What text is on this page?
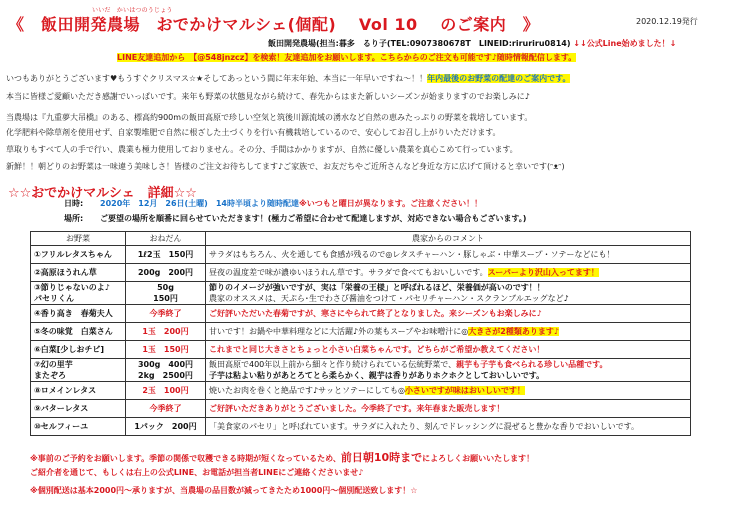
いいだ　かいはつのうじょう
《　飯田開発農場　おでかけマルシェ(個配)　 Vol 10　 のご案内　》	2020.12.19発行
飯田開発農場(担当:暮多　るり子(TEL:0907380678T　LINEID:riruriru0814) ↓↓公式Line始めました！↓
LINE友達追加から　【@548jnzcz】を検索！友達追加をお願いします。こちらからのご注文も可能です♪随時情報配信します。
いつもありがとうございます♥もうすぐクリスマス☆★そしてあっという間に年末年始、本当に一年早いですね〜！！年内最後のお野菜の配達のご案内です。
本当に皆様ご愛顧いただき感謝でいっぱいです。来年も野菜の状態見ながら続けて、春先からはまた新しいシーズンが始まりますのでお楽しみに♪
当農場は『九重夢大吊橋』のある、標高約900mの飯田高原で珍しい空気と筑後川源流域の湧水など自然の恵みたっぷりの野菜を栽培しています。
化学肥料や除草剤を使用せず、自家製堆肥で自然に根ざした土づくりを行い有機栽培しているので、安心してお召し上がりいただけます。
草取りもすべて人の手で行い、農業も極力使用しておりません。その分、手間はかかりますが、自然に優しい農業を真心こめて行っています。
新鮮！！朝どりのお野菜は一味違う美味しさ！皆様のご注文お待ちしてます♪ご家族で、お友だちやご近所さんなど身近な方に広げて頂けると幸いです(ᵔᴥᵔ)
☆☆おでかけマルシェ　詳細☆☆
日時: 2020年　12月　26日(土曜)　14時半頃より随時配達※いつもと曜日が異なります。ご注意ください！！
場所: ご要望の場所を順番に回らせていただきます！(極力ご希望に合わせて配達しますが、対応できない場合もございます。)
お野菜	おねだん	農家からのコメント
①フリルレタスちゃん	1ℓ2玉　150円	サラダはもちろん、火を通しても食感が残るので◎レタスチャーハン・豚しゃぶ・中華スープ・ソテーなどにも！
②高原ほうれん草	200g　200円	昼夜の温度差で味が濃ゆいほうれん草です。サラダで食べてもおいしいです。スーパーより沢山入ってます！

③節りじゃないのよ♪
パセリくん	50g
150円	節りのイメージが強いですが、実は「栄養の王様」と呼ばれるほど、栄養価が高いのです！！
農家のオススメは、天ぷら･生でわさび醤油をつけて・パセリチャーハン・スクランブルエッグなど♪

④香り高き　春菊夫人	今季終了	ご好評いただいた春菊ですが、寒さにやられて終了となりました。来シーズンもお楽しみに♪
⑤冬の味覚　白菜さん	1玉　200円	甘いです！お鍋や中華料理などに大活躍♪外の葉もスープやお味噌汁に◎大きさが2種類あります♪
⑥白菜[少しおチビ]	1玉　150円	これまでと同じ大きさとちょっと小さい白菜ちゃんです。どちらがご希望か教えてください！

⑦幻の里芋
またぞろ	300g　400円
2kg　2500円	飯田高原で400年以上前から細々と作り続けられている伝統野菜で、親芋も子芋も食べられる珍しい品種です。
子芋は粘よい粘りがあとろてとら柔らかく、親芋は香りがありホクホクとしておいしいです。

⑧ロメインレタス	2玉　100円	焼いたお肉を巻くと絶品です♪サッとソテーにしても◎小さいですが味はおいしいです！
⑨バターレタス	今季終了	ご好評いただきありがとうございました。今季終了です。来年春また販売します！
⑩セルフィーユ	1パック　200円	「美食家のパセリ」と呼ばれています。サラダに入れたり、刻んでドレッシングに混ぜると豊かな香りでおいしいです。
※事前のご予約をお願いします。季節の関係で収穫できる時期が短くなっているため、前日朝10時までによろしくお願いいたします！
ご紹介者を通じて、もしくは右上の公式LINE、お電話が担当者LINEにご連絡くださいませ♪
※個別配送は基本2000円〜承りますが、当農場の品目数が減ってきたため1000円〜個別配送致します！☆
